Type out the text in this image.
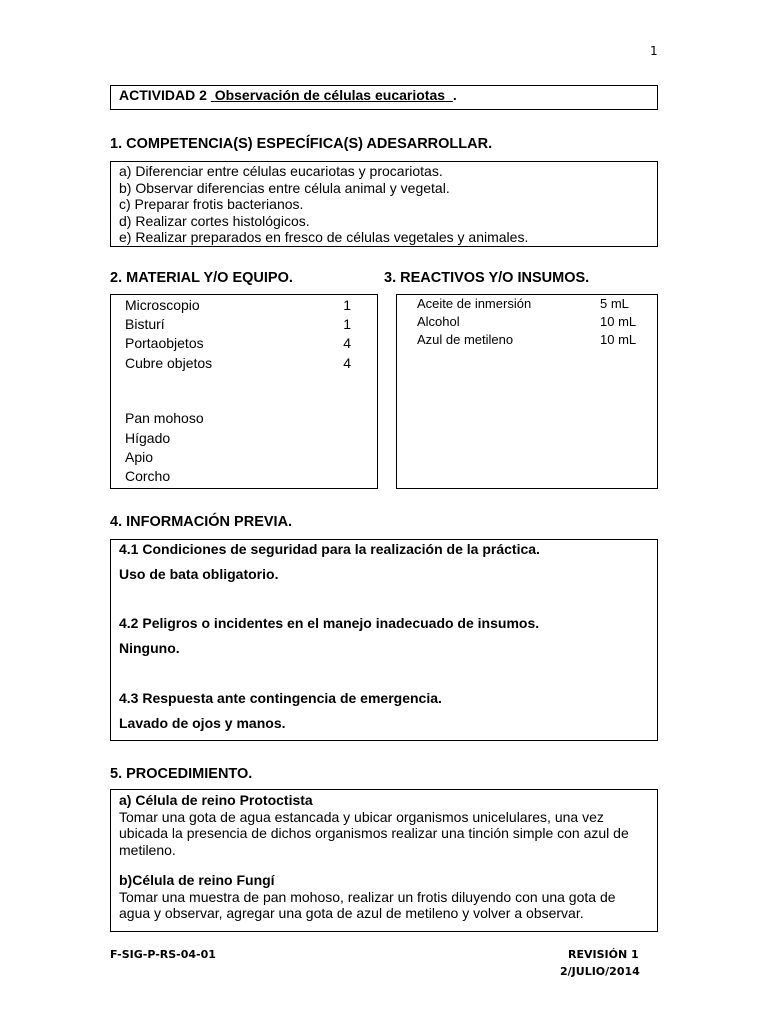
1
ACTIVIDAD 2 Observación de células eucariotas .
1. COMPETENCIA(S) ESPECÍFICA(S) ADESARROLLAR.
a) Diferenciar entre células eucariotas y procariotas.
b) Observar diferencias entre célula animal y vegetal.
c) Preparar frotis bacterianos.
d) Realizar cortes histológicos.
e) Realizar preparados en fresco de células vegetales y animales.
2. MATERIAL Y/O EQUIPO.	3. REACTIVOS Y/O INSUMOS.
Microscopio	1
Bisturí	1
Portaobjetos	4
Cubre objetos	4
Pan mohoso
Hígado
Apio
Corcho
Aceite de inmersión	5 mL
Alcohol	10 mL
Azul de metileno	10 mL
4. INFORMACIÓN PREVIA.
4.1 Condiciones de seguridad para la realización de la práctica.
Uso de bata obligatorio.
4.2 Peligros o incidentes en el manejo inadecuado de insumos.
Ninguno.
4.3 Respuesta ante contingencia de emergencia.
Lavado de ojos y manos.
5. PROCEDIMIENTO.
a) Célula de reino Protoctista
Tomar una gota de agua estancada y ubicar organismos unicelulares, una vez ubicada la presencia de dichos organismos realizar una tinción simple con azul de metileno.
b)Célula de reino Fungí
Tomar una muestra de pan mohoso, realizar un frotis diluyendo con una gota de agua y observar, agregar una gota de azul de metileno y volver a observar.
F-SIG-P-RS-04-01	REVISIÓN 1
2/JULIO/2014
